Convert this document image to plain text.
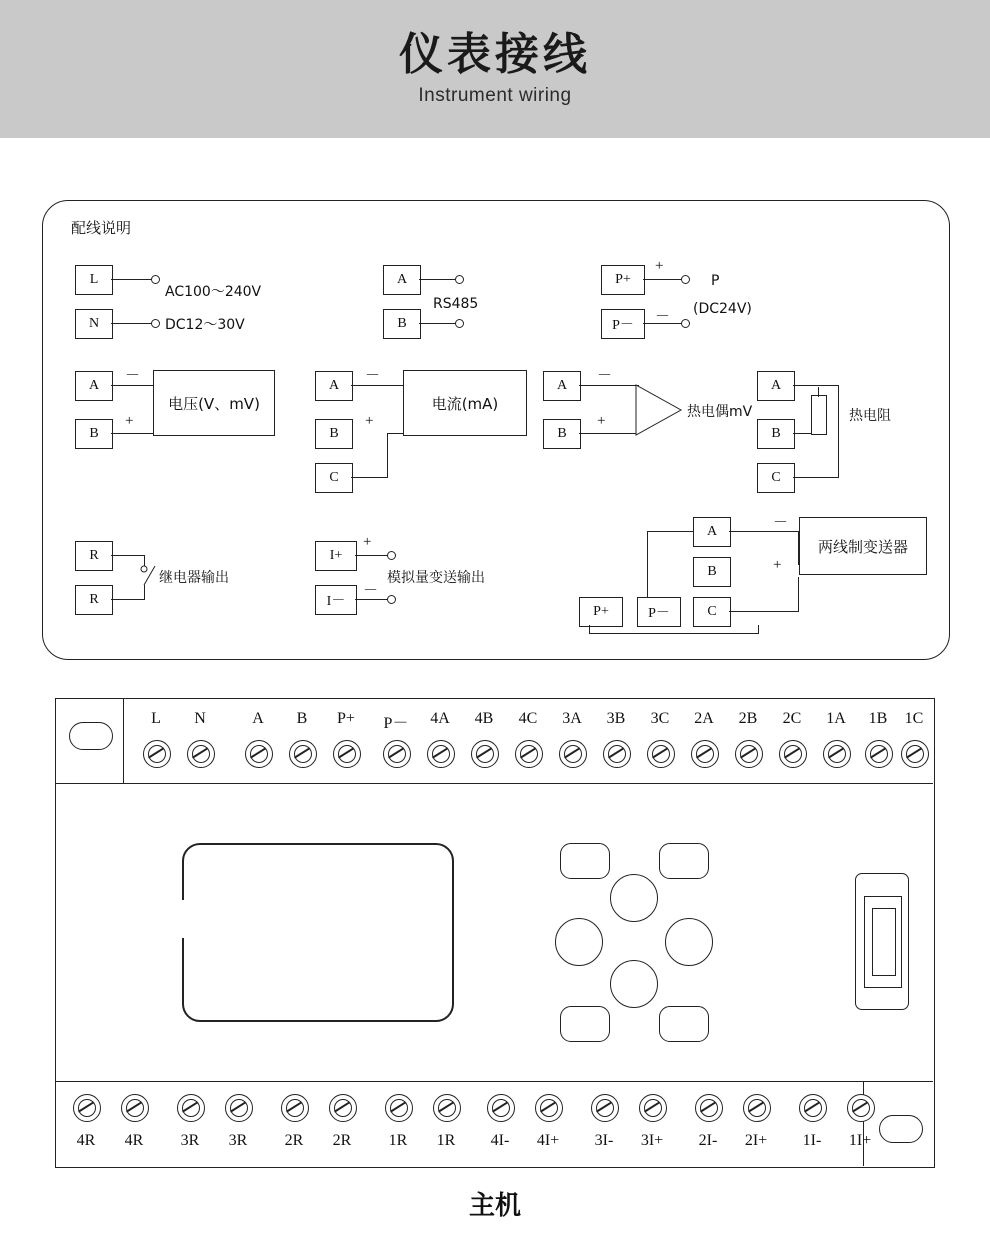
仪表接线
Instrument wiring
配线说明
L
N
AC100～240V
DC12～30V
A
B
RS485
P+
P－
+
－
P
(DC24V)
A
B
－
+
电压(V、mV)
A
B
C
－
+
电流(mA)
A
B
－
+
热电偶mV
A
B
C
热电阻
R
R
继电器输出
I+
I－
+
－
模拟量变送输出
A
B
C
P+	P－
－
+
两线制变送器
L	N	A	B	P+	P－	4A	4B	4C	3A	3B	3C	2A	2B	2C	1A	1B	1C
4R	4R	3R	3R	2R	2R	1R	1R	4I-	4I+	3I-	3I+	2I-	2I+	1I-	1I+
主机
